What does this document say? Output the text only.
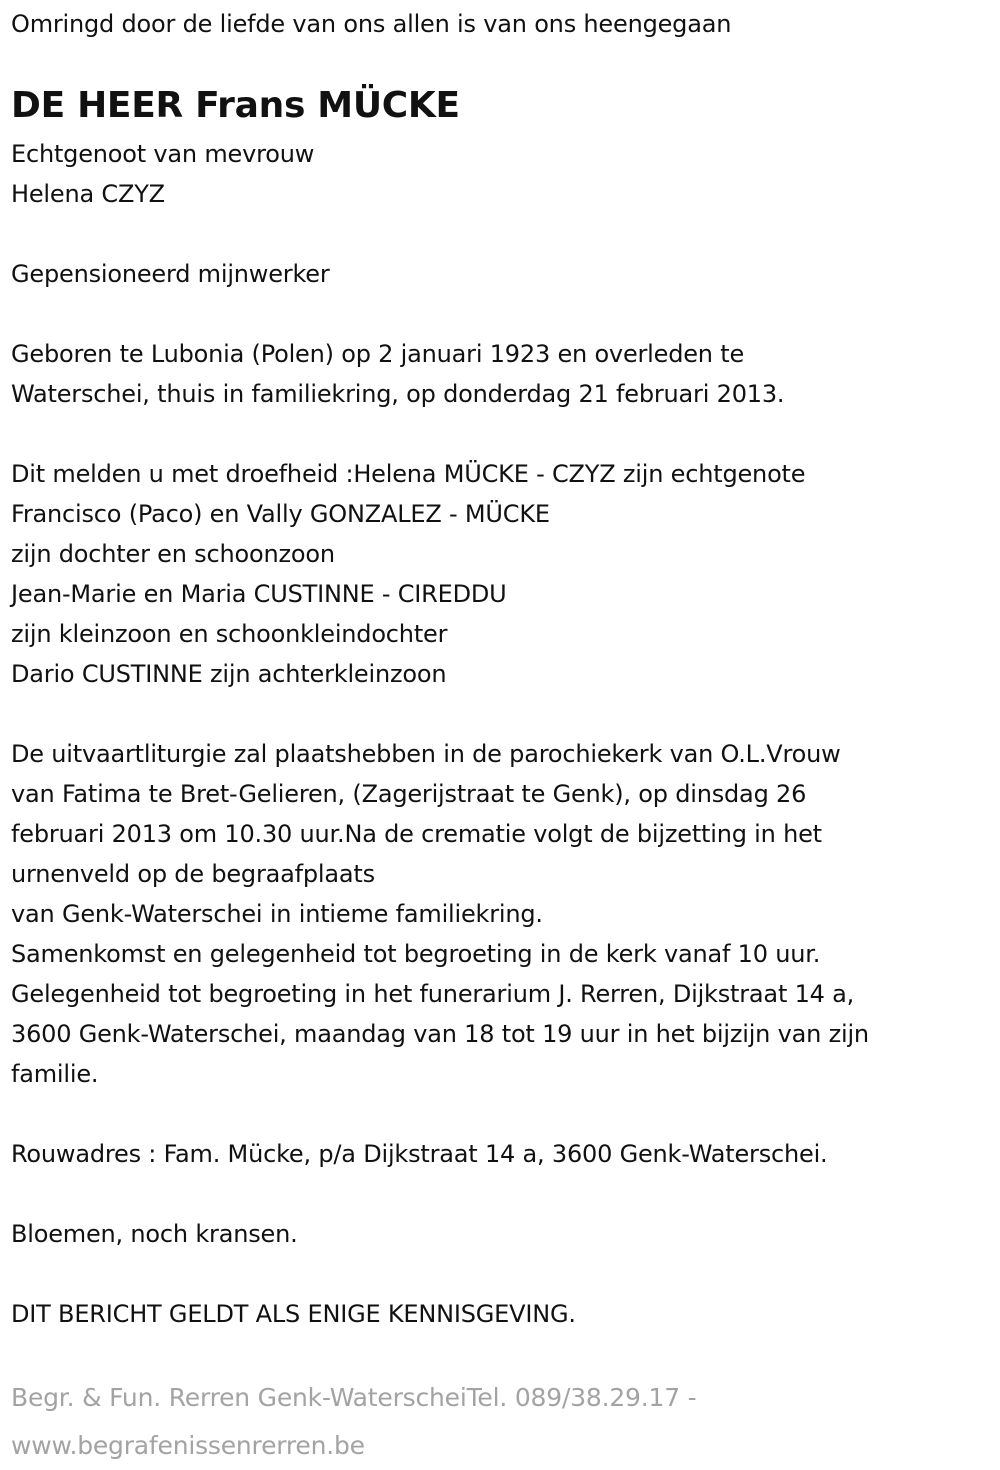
Omringd door de liefde van ons allen is van ons heengegaan
DE HEER Frans MÜCKE
Echtgenoot van mevrouw
Helena CZYZ
Gepensioneerd mijnwerker
Geboren te Lubonia (Polen) op 2 januari 1923 en overleden te
Waterschei, thuis in familiekring, op donderdag 21 februari 2013.
Dit melden u met droefheid :Helena MÜCKE - CZYZ zijn echtgenote
Francisco (Paco) en Vally GONZALEZ - MÜCKE
zijn dochter en schoonzoon
Jean-Marie en Maria CUSTINNE - CIREDDU
zijn kleinzoon en schoonkleindochter
Dario CUSTINNE zijn achterkleinzoon
De uitvaartliturgie zal plaatshebben in de parochiekerk van O.L.Vrouw
van Fatima te Bret-Gelieren, (Zagerijstraat te Genk), op dinsdag 26
februari 2013 om 10.30 uur.Na de crematie volgt de bijzetting in het
urnenveld op de begraafplaats
van Genk-Waterschei in intieme familiekring.
Samenkomst en gelegenheid tot begroeting in de kerk vanaf 10 uur.
Gelegenheid tot begroeting in het funerarium J. Rerren, Dijkstraat 14 a,
3600 Genk-Waterschei, maandag van 18 tot 19 uur in het bijzijn van zijn
familie.
Rouwadres : Fam. Mücke, p/a Dijkstraat 14 a, 3600 Genk-Waterschei.
Bloemen, noch kransen.
DIT BERICHT GELDT ALS ENIGE KENNISGEVING.
Begr. & Fun. Rerren Genk-WaterscheiTel. 089/38.29.17 -
www.begrafenissenrerren.be
